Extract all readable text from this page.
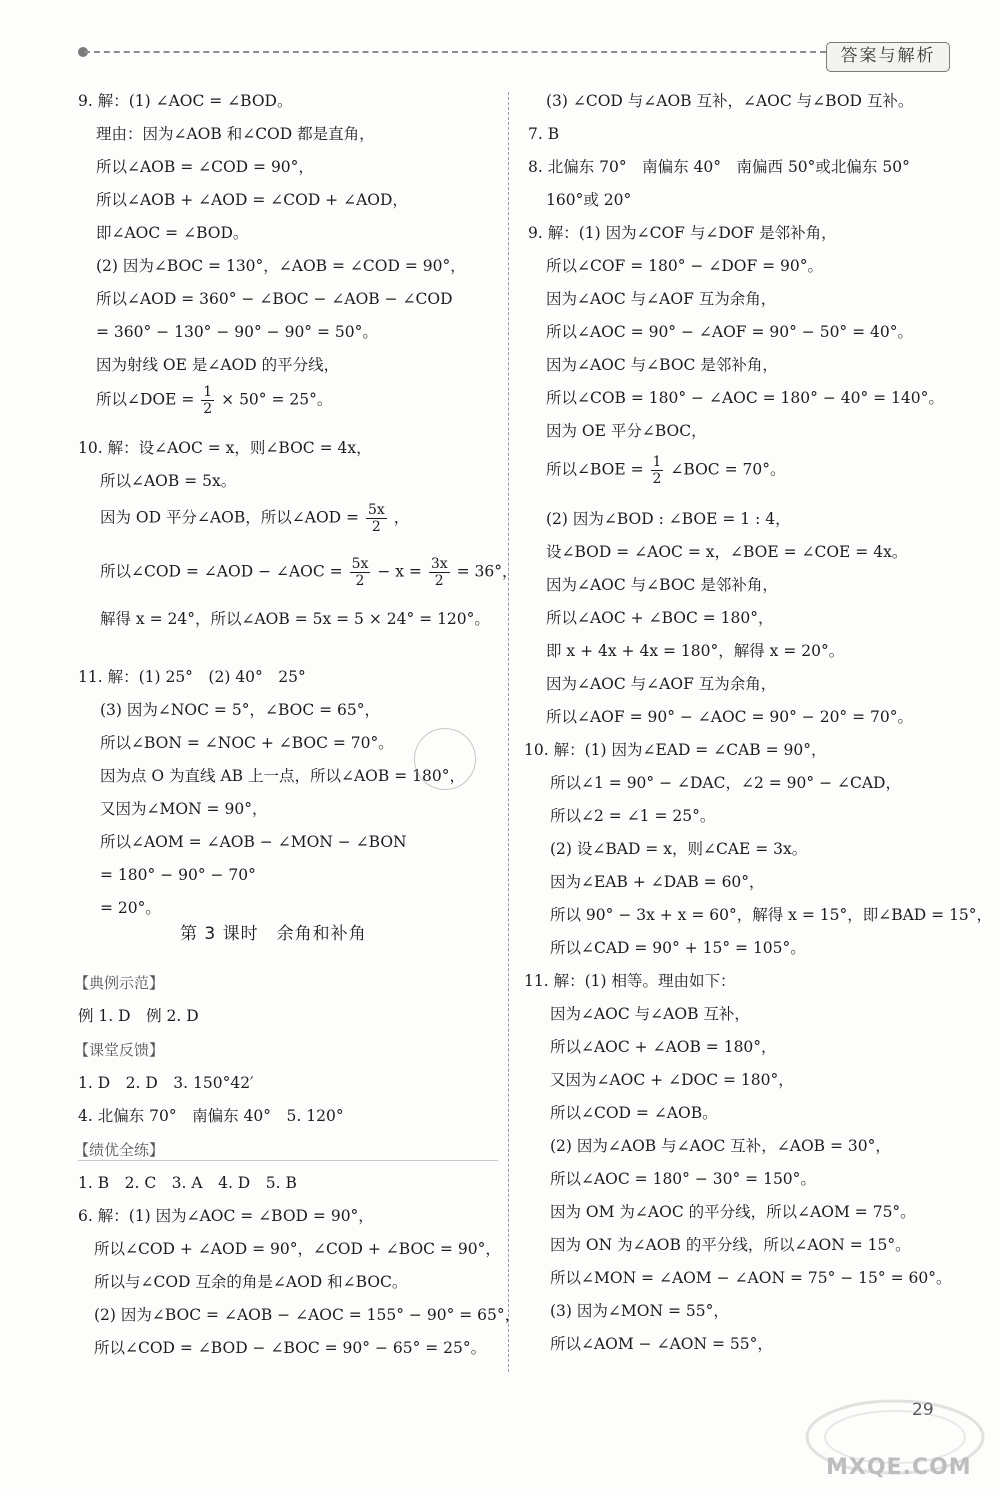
答案与解析
9. 解：(1) ∠AOC = ∠BOD。
理由：因为∠AOB 和∠COD 都是直角，
所以∠AOB = ∠COD = 90°，
所以∠AOB + ∠AOD = ∠COD + ∠AOD，
即∠AOC = ∠BOD。
(2) 因为∠BOC = 130°，∠AOB = ∠COD = 90°，
所以∠AOD = 360° − ∠BOC − ∠AOB − ∠COD
= 360° − 130° − 90° − 90° = 50°。
因为射线 OE 是∠AOD 的平分线，
所以∠DOE = $\frac{1}{2} \times 50^\circ = 25^\circ$。
10. 解：设∠AOC = x，则∠BOC = 4x，
所以∠AOB = 5x。
因为 OD 平分∠AOB，所以∠AOD = $\frac{5x}{2}$ ，
所以∠COD = ∠AOD − ∠AOC = $\frac{5x}{2} - x = \frac{3x}{2} = 36^\circ$，
解得 x = 24°，所以∠AOB = 5x = 5 × 24° = 120°。
11. 解：(1) 25°　(2) 40°　25°
(3) 因为∠NOC = 5°，∠BOC = 65°，
所以∠BON = ∠NOC + ∠BOC = 70°。
因为点 O 为直线 AB 上一点，所以∠AOB = 180°，
又因为∠MON = 90°，
所以∠AOM = ∠AOB − ∠MON − ∠BON
= 180° − 90° − 70°
= 20°。
第 3 课时　余角和补角
【典例示范】
例 1. D　例 2. D
【课堂反馈】
1. D　2. D　3. 150°42′
4. 北偏东 70°　南偏东 40°　5. 120°
【绩优全练】
1. B　2. C　3. A　4. D　5. B
6. 解：(1) 因为∠AOC = ∠BOD = 90°，
所以∠COD + ∠AOD = 90°，∠COD + ∠BOC = 90°，
所以与∠COD 互余的角是∠AOD 和∠BOC。
(2) 因为∠BOC = ∠AOB − ∠AOC = 155° − 90° = 65°，
所以∠COD = ∠BOD − ∠BOC = 90° − 65° = 25°。
(3) ∠COD 与∠AOB 互补，∠AOC 与∠BOD 互补。
7. B
8. 北偏东 70°　南偏东 40°　南偏西 50°或北偏东 50°
160°或 20°
9. 解：(1) 因为∠COF 与∠DOF 是邻补角，
所以∠COF = 180° − ∠DOF = 90°。
因为∠AOC 与∠AOF 互为余角，
所以∠AOC = 90° − ∠AOF = 90° − 50° = 40°。
因为∠AOC 与∠BOC 是邻补角，
所以∠COB = 180° − ∠AOC = 180° − 40° = 140°。
因为 OE 平分∠BOC，
所以∠BOE = $\frac{1}{2}$ ∠BOC = 70°。
(2) 因为∠BOD : ∠BOE = 1 : 4，
设∠BOD = ∠AOC = x，∠BOE = ∠COE = 4x。
因为∠AOC 与∠BOC 是邻补角，
所以∠AOC + ∠BOC = 180°，
即 x + 4x + 4x = 180°，解得 x = 20°。
因为∠AOC 与∠AOF 互为余角，
所以∠AOF = 90° − ∠AOC = 90° − 20° = 70°。
10. 解：(1) 因为∠EAD = ∠CAB = 90°，
所以∠1 = 90° − ∠DAC，∠2 = 90° − ∠CAD，
所以∠2 = ∠1 = 25°。
(2) 设∠BAD = x，则∠CAE = 3x。
因为∠EAB + ∠DAB = 60°，
所以 90° − 3x + x = 60°，解得 x = 15°，即∠BAD = 15°，
所以∠CAD = 90° + 15° = 105°。
11. 解：(1) 相等。理由如下：
因为∠AOC 与∠AOB 互补，
所以∠AOC + ∠AOB = 180°，
又因为∠AOC + ∠DOC = 180°，
所以∠COD = ∠AOB。
(2) 因为∠AOB 与∠AOC 互补，∠AOB = 30°，
所以∠AOC = 180° − 30° = 150°。
因为 OM 为∠AOC 的平分线，所以∠AOM = 75°。
因为 ON 为∠AOB 的平分线，所以∠AON = 15°。
所以∠MON = ∠AOM − ∠AON = 75° − 15° = 60°。
(3) 因为∠MON = 55°，
所以∠AOM − ∠AON = 55°，
29
MXQE.COM
